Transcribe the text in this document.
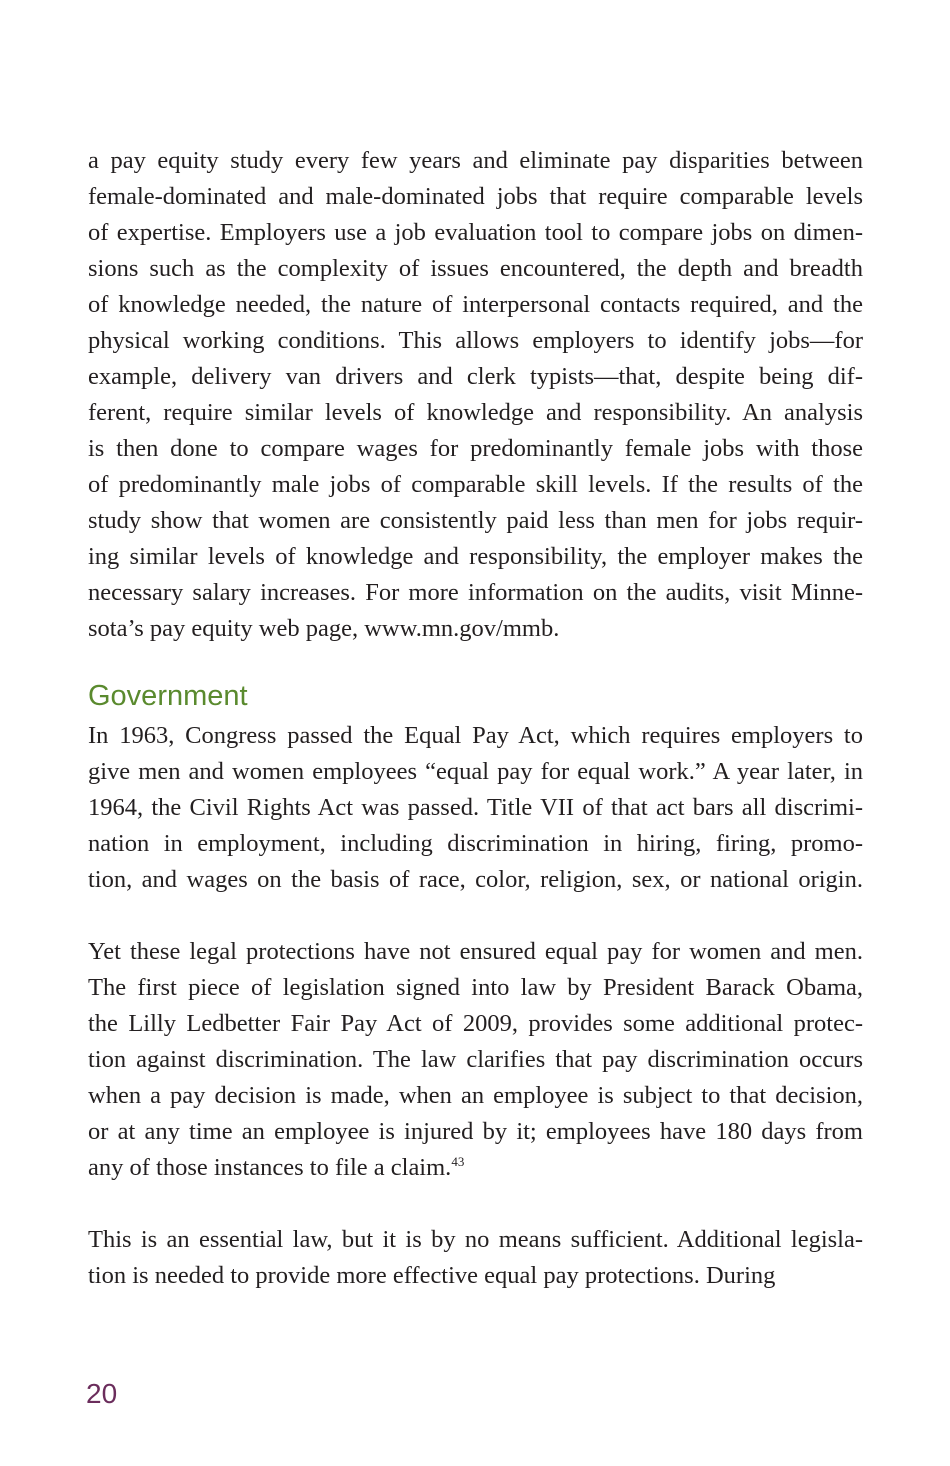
a pay equity study every few years and eliminate pay disparities between
female-dominated and male-dominated jobs that require comparable levels
of expertise. Employers use a job evaluation tool to compare jobs on dimen-
sions such as the complexity of issues encountered, the depth and breadth
of knowledge needed, the nature of interpersonal contacts required, and the
physical working conditions. This allows employers to identify jobs—for
example, delivery van drivers and clerk typists—that, despite being dif-
ferent, require similar levels of knowledge and responsibility. An analysis
is then done to compare wages for predominantly female jobs with those
of predominantly male jobs of comparable skill levels. If the results of the
study show that women are consistently paid less than men for jobs requir-
ing similar levels of knowledge and responsibility, the employer makes the
necessary salary increases. For more information on the audits, visit Minne-
sota’s pay equity web page, www.mn.gov/mmb.
Government
In 1963, Congress passed the Equal Pay Act, which requires employers to
give men and women employees “equal pay for equal work.” A year later, in
1964, the Civil Rights Act was passed. Title VII of that act bars all discrimi-
nation in employment, including discrimination in hiring, firing, promo-
tion, and wages on the basis of race, color, religion, sex, or national origin.
Yet these legal protections have not ensured equal pay for women and men.
The first piece of legislation signed into law by President Barack Obama,
the Lilly Ledbetter Fair Pay Act of 2009, provides some additional protec-
tion against discrimination. The law clarifies that pay discrimination occurs
when a pay decision is made, when an employee is subject to that decision,
or at any time an employee is injured by it; employees have 180 days from
any of those instances to file a claim.$^{43}$
This is an essential law, but it is by no means sufficient. Additional legisla-
tion is needed to provide more effective equal pay protections. During
20
